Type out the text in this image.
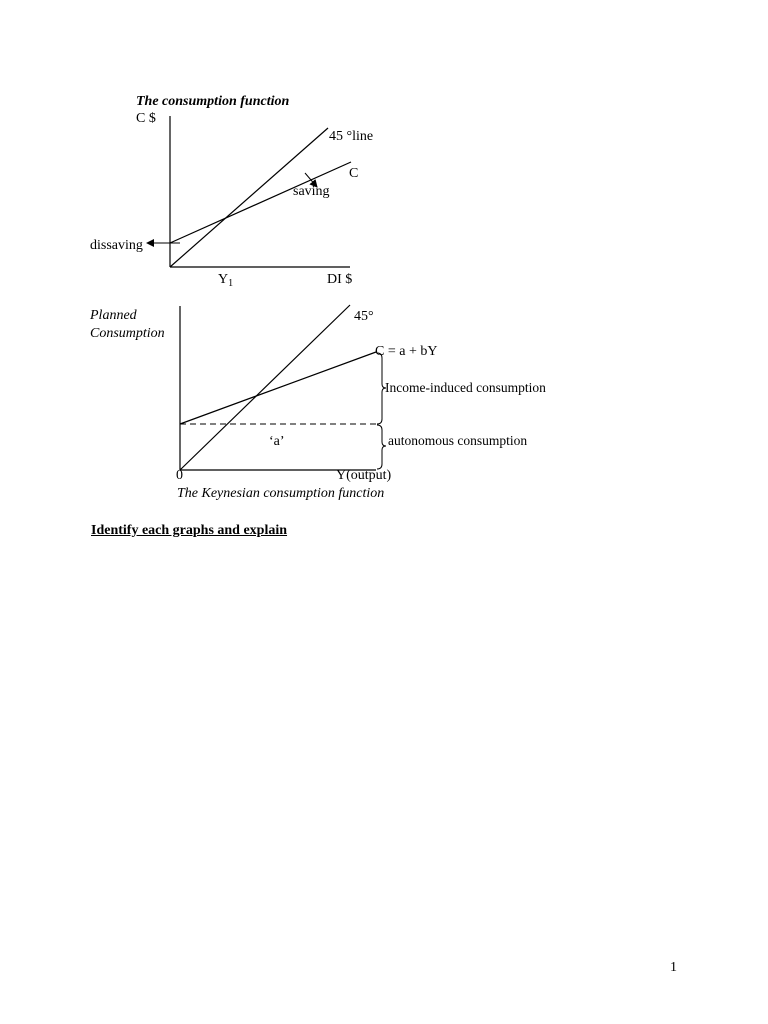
The consumption function
C $
45 °line
C
saving
dissaving
$Y_1$	DI $
Planned
Consumption
45°
C = a + bY
Income-induced consumption
autonomous consumption
‘a’
0	Y(output)
The Keynesian consumption function
Identify each graphs and explain
1
